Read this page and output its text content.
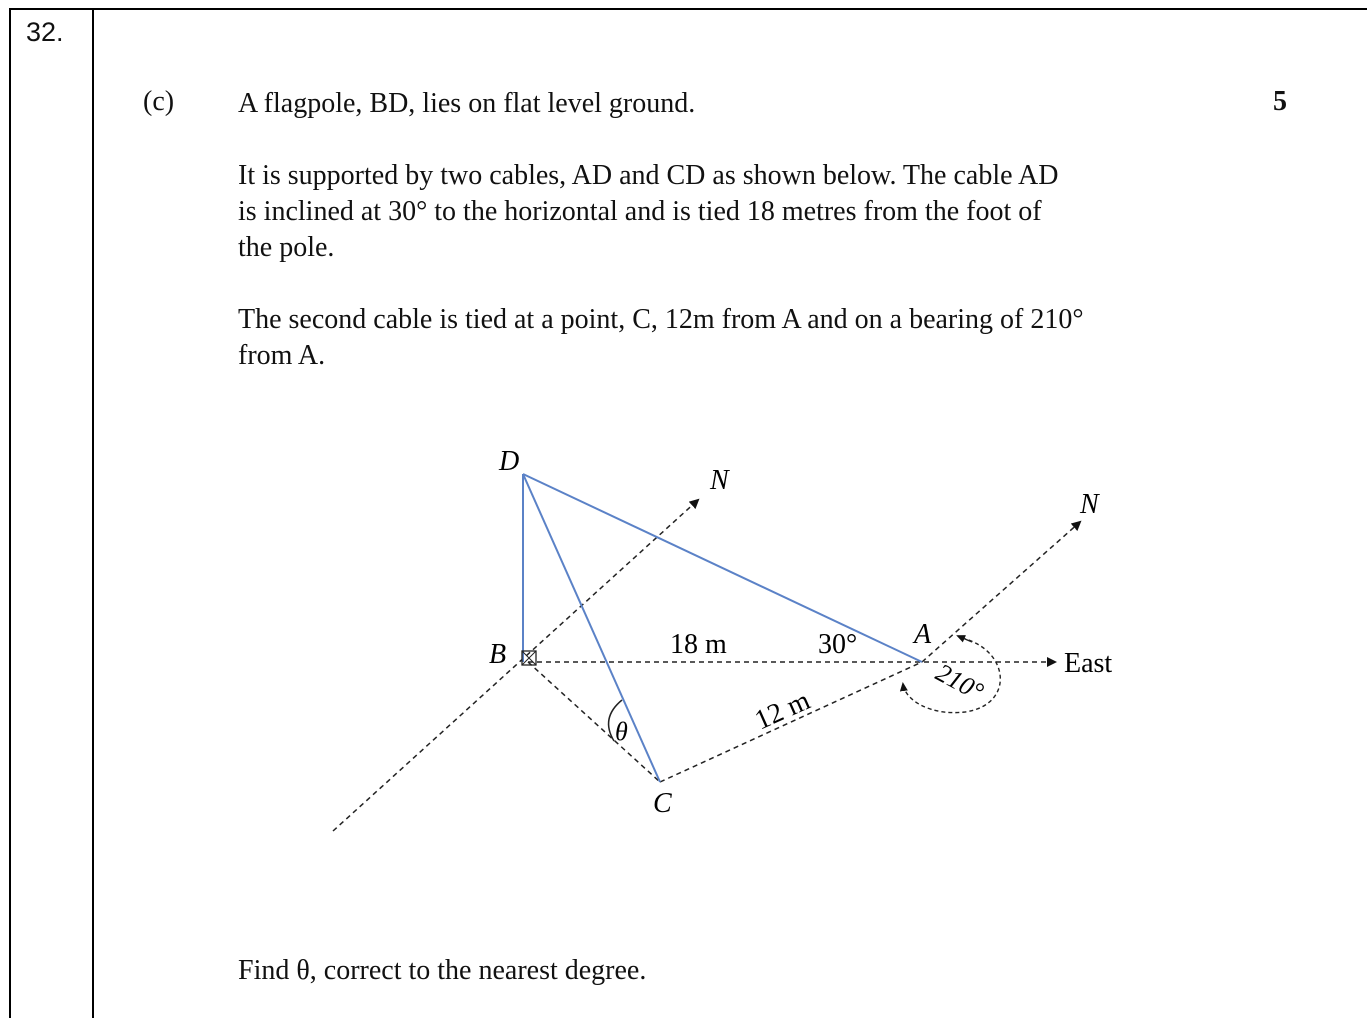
32.
(c)	5

A flagpole, BD, lies on flat level ground.

It is supported by two cables, AD and CD as shown below. The cable AD
is inclined at 30° to the horizontal and is tied 18 metres from the foot of
the pole.

The second cable is tied at a point, C, 12m from A and on a bearing of 210°
from A.

D
N
N
B	18 m	30° A
East
210°
12 m
θ
C

Find θ, correct to the nearest degree.
